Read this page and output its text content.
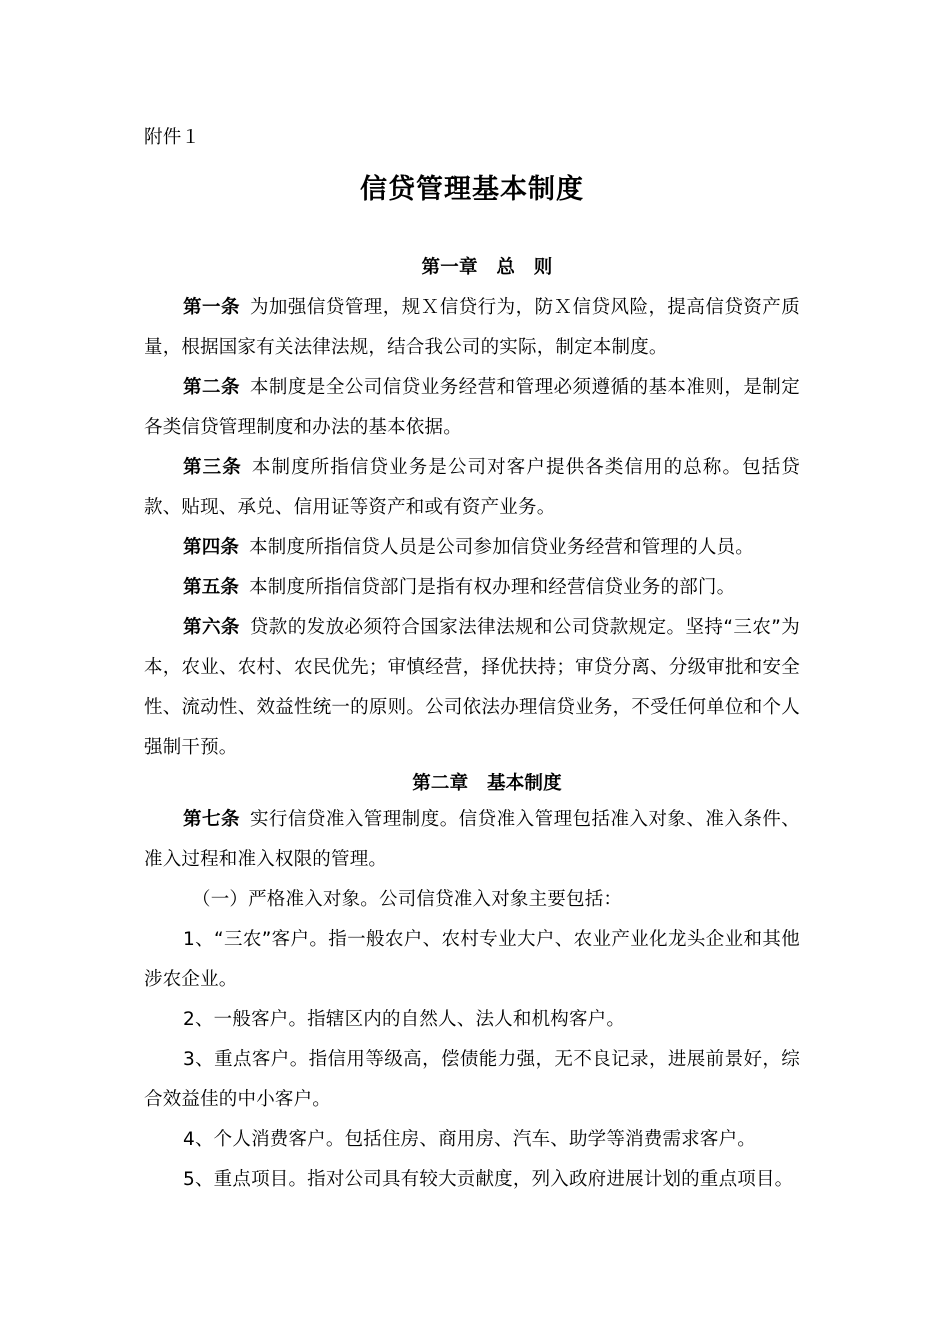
附件１

信贷管理基本制度

第一章　总　则

第一条 为加强信贷管理，规Ｘ信贷行为，防Ｘ信贷风险，提高信贷资产质量，根据国家有关法律法规，结合我公司的实际，制定本制度。

第二条 本制度是全公司信贷业务经营和管理必须遵循的基本准则，是制定各类信贷管理制度和办法的基本依据。

第三条 本制度所指信贷业务是公司对客户提供各类信用的总称。包括贷款、贴现、承兑、信用证等资产和或有资产业务。

第四条 本制度所指信贷人员是公司参加信贷业务经营和管理的人员。

第五条 本制度所指信贷部门是指有权办理和经营信贷业务的部门。

第六条 贷款的发放必须符合国家法律法规和公司贷款规定。坚持“三农”为本，农业、农村、农民优先；审慎经营，择优扶持；审贷分离、分级审批和安全性、流动性、效益性统一的原则。公司依法办理信贷业务，不受任何单位和个人强制干预。

第二章　基本制度

第七条 实行信贷准入管理制度。信贷准入管理包括准入对象、准入条件、准入过程和准入权限的管理。

（一）严格准入对象。公司信贷准入对象主要包括：

1、“三农”客户。指一般农户、农村专业大户、农业产业化龙头企业和其他涉农企业。

2、一般客户。指辖区内的自然人、法人和机构客户。

3、重点客户。指信用等级高，偿债能力强，无不良记录，进展前景好，综合效益佳的中小客户。

4、个人消费客户。包括住房、商用房、汽车、助学等消费需求客户。

5、重点项目。指对公司具有较大贡献度，列入政府进展计划的重点项目。
